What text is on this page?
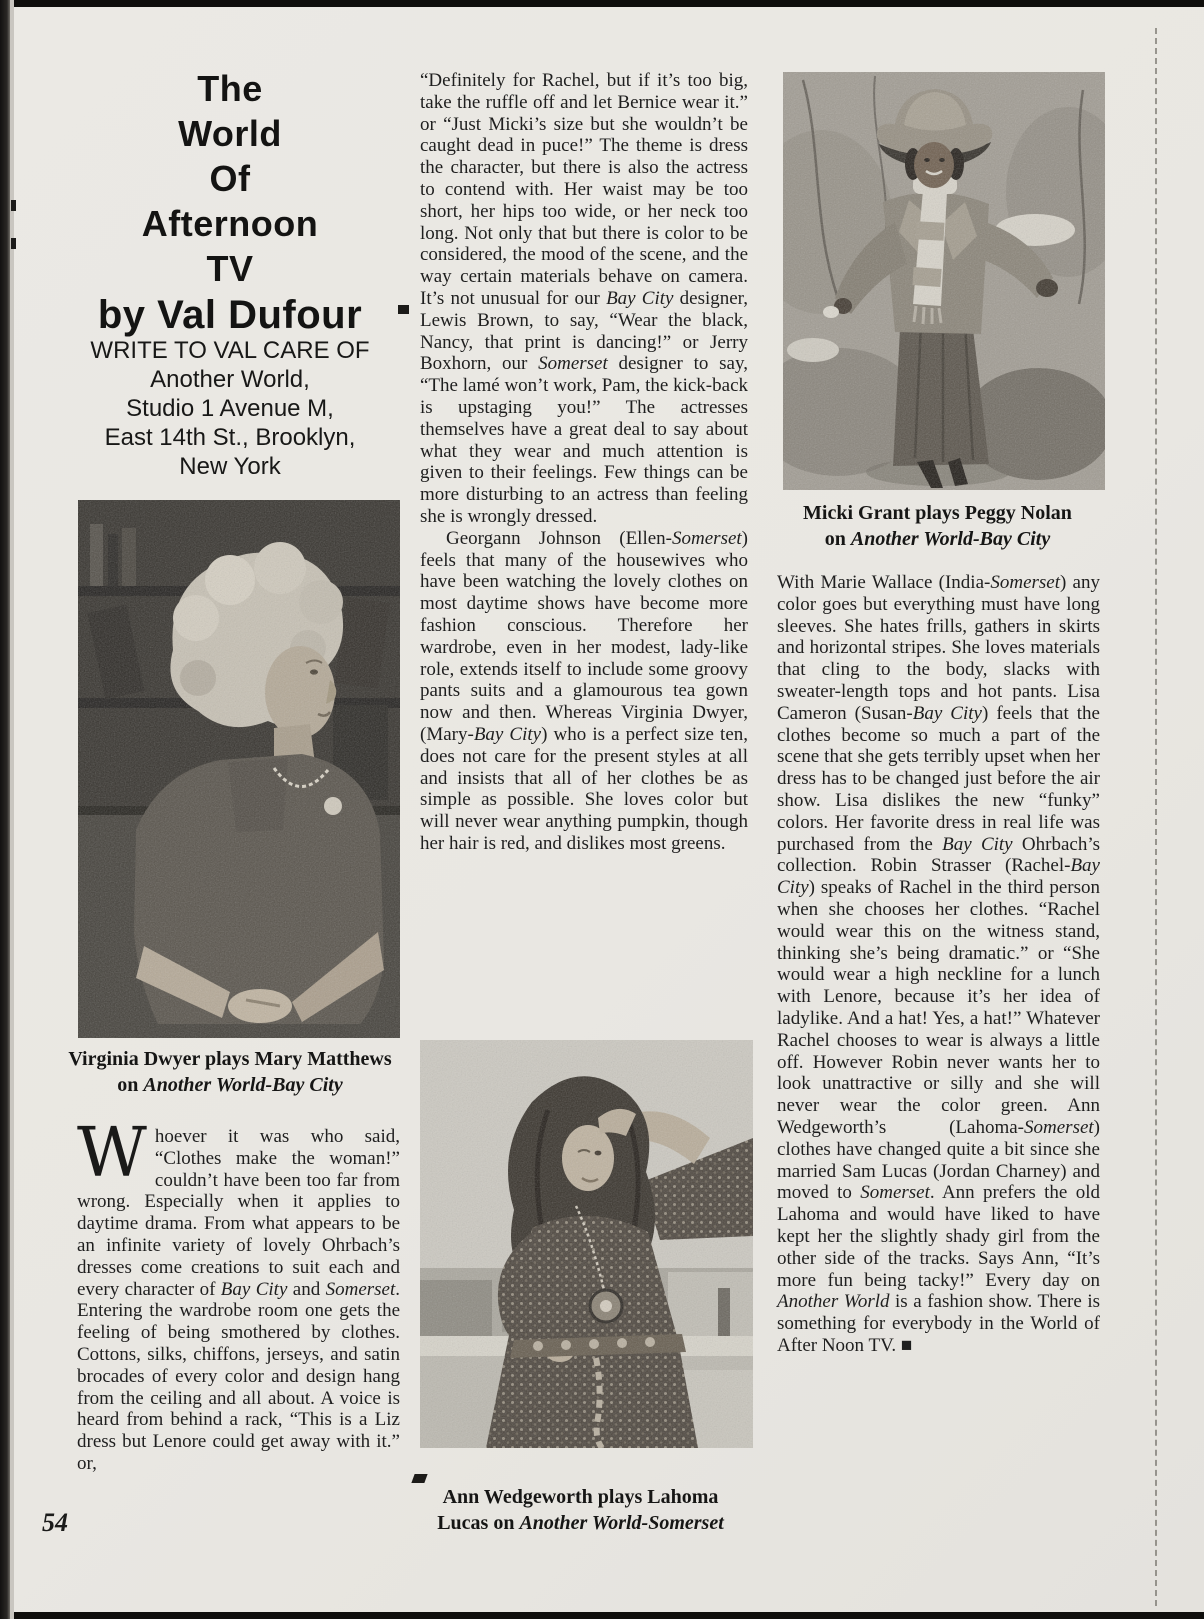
The
World
Of
Afternoon
TV
by Val Dufour
WRITE TO VAL CARE OF
Another World,
Studio 1 Avenue M,
East 14th St., Brooklyn,
New York
Virginia Dwyer plays Mary Matthews
on Another World-Bay City

Whoever it was who said, “Clothes make the woman!” couldn’t have been too far from wrong. Especially when it applies to daytime drama. From what appears to be an infinite variety of lovely Ohrbach’s dresses come creations to suit each and every character of Bay City and Somerset. Entering the wardrobe room one gets the feeling of being smothered by clothes. Cottons, silks, chiffons, jerseys, and satin brocades of every color and design hang from the ceiling and all about. A voice is heard from behind a rack, “This is a Liz dress but Lenore could get away with it.” or,

54

“Definitely for Rachel, but if it’s too big, take the ruffle off and let Bernice wear it.” or “Just Micki’s size but she wouldn’t be caught dead in puce!” The theme is dress the character, but there is also the actress to contend with. Her waist may be too short, her hips too wide, or her neck too long. Not only that but there is color to be considered, the mood of the scene, and the way certain materials behave on camera. It’s not unusual for our Bay City designer, Lewis Brown, to say, “Wear the black, Nancy, that print is dancing!” or Jerry Boxhorn, our Somerset designer to say, “The lamé won’t work, Pam, the kick-back is upstaging you!” The actresses themselves have a great deal to say about what they wear and much attention is given to their feelings. Few things can be more disturbing to an actress than feeling she is wrongly dressed.

Georgann Johnson (Ellen-Somerset) feels that many of the housewives who have been watching the lovely clothes on most daytime shows have become more fashion conscious. Therefore her wardrobe, even in her modest, lady-like role, extends itself to include some groovy pants suits and a glamourous tea gown now and then. Whereas Virginia Dwyer, (Mary-Bay City) who is a perfect size ten, does not care for the present styles at all and insists that all of her clothes be as simple as possible. She loves color but will never wear anything pumpkin, though her hair is red, and dislikes most greens.

Ann Wedgeworth plays Lahoma
Lucas on Another World-Somerset
Micki Grant plays Peggy Nolan
on Another World-Bay City

With Marie Wallace (India-Somerset) any color goes but everything must have long sleeves. She hates frills, gathers in skirts and horizontal stripes. She loves materials that cling to the body, slacks with sweater-length tops and hot pants. Lisa Cameron (Susan-Bay City) feels that the clothes become so much a part of the scene that she gets terribly upset when her dress has to be changed just before the air show. Lisa dislikes the new “funky” colors. Her favorite dress in real life was purchased from the Bay City Ohrbach’s collection. Robin Strasser (Rachel-Bay City) speaks of Rachel in the third person when she chooses her clothes. “Rachel would wear this on the witness stand, thinking she’s being dramatic.” or “She would wear a high neckline for a lunch with Lenore, because it’s her idea of ladylike. And a hat! Yes, a hat!” Whatever Rachel chooses to wear is always a little off. However Robin never wants her to look unattractive or silly and she will never wear the color green. Ann Wedgeworth’s (Lahoma-Somerset) clothes have changed quite a bit since she married Sam Lucas (Jordan Charney) and moved to Somerset. Ann prefers the old Lahoma and would have liked to have kept her the slightly shady girl from the other side of the tracks. Says Ann, “It’s more fun being tacky!” Every day on Another World is a fashion show. There is something for everybody in the World of After Noon TV. ■
